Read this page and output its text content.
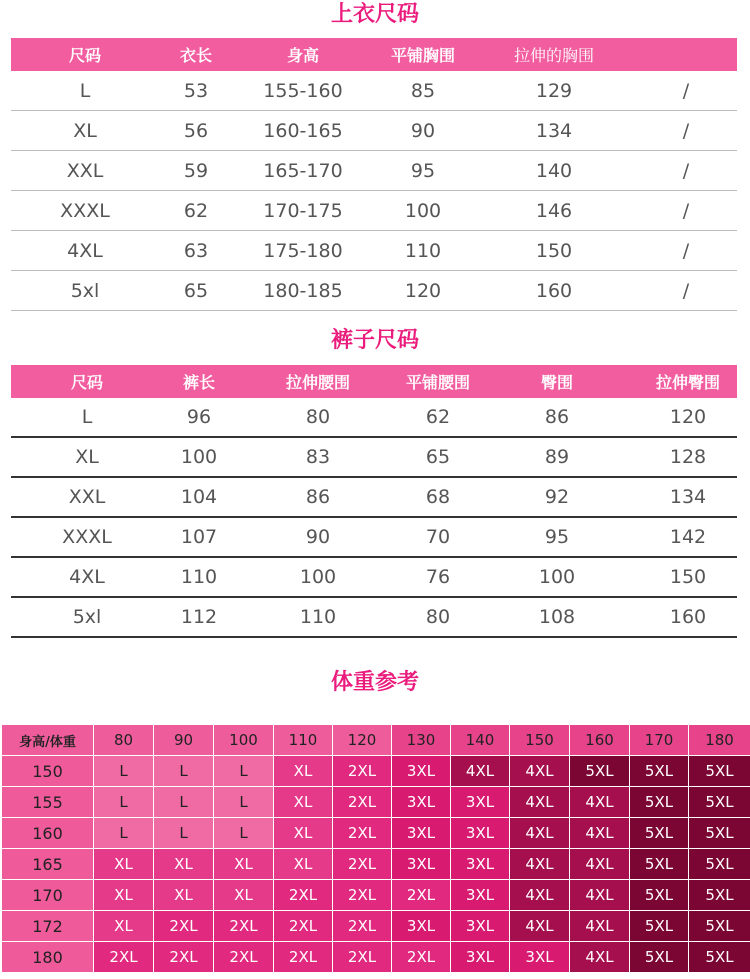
上衣尺码
尺码	衣长	身高	平铺胸围	拉伸的胸围	
L	53	155-160	85	129	/
XL	56	160-165	90	134	/
XXL	59	165-170	95	140	/
XXXL	62	170-175	100	146	/
4XL	63	175-180	110	150	/
5xl	65	180-185	120	160	/
裤子尺码
尺码	裤长	拉伸腰围	平铺腰围	臀围	拉伸臀围
L	96	80	62	86	120
XL	100	83	65	89	128
XXL	104	86	68	92	134
XXXL	107	90	70	95	142
4XL	110	100	76	100	150
5xl	112	110	80	108	160
体重参考
身高/体重	80	90	100	110	120	130	140	150	160	170	180
150	L	L	L	XL	2XL	3XL	4XL	4XL	5XL	5XL	5XL
155	L	L	L	XL	2XL	3XL	3XL	4XL	4XL	5XL	5XL
160	L	L	L	XL	2XL	3XL	3XL	4XL	4XL	5XL	5XL
165	XL	XL	XL	XL	2XL	3XL	3XL	4XL	4XL	5XL	5XL
170	XL	XL	XL	2XL	2XL	2XL	3XL	4XL	4XL	5XL	5XL
172	XL	2XL	2XL	2XL	2XL	3XL	3XL	4XL	4XL	5XL	5XL
180	2XL	2XL	2XL	2XL	2XL	2XL	3XL	3XL	4XL	5XL	5XL
